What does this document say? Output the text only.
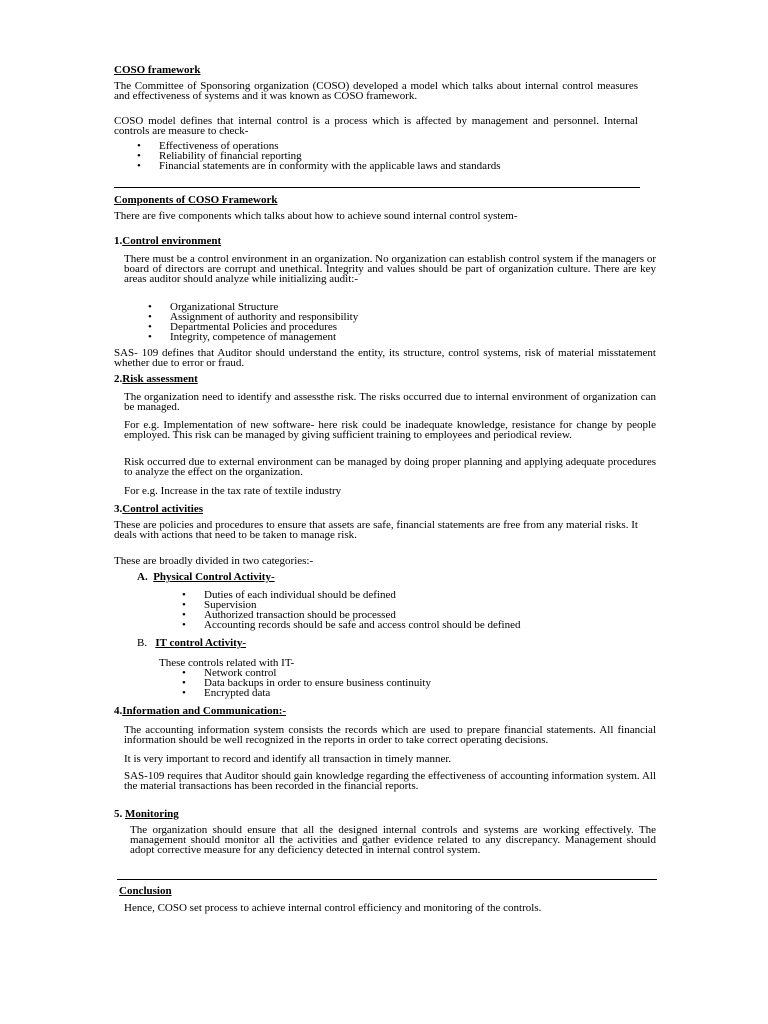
COSO framework

The Committee of Sponsoring organization (COSO) developed a model which talks about internal control measures and effectiveness of systems and it was known as COSO framework.

COSO model defines that internal control is a process which is affected by management and personnel. Internal controls are measure to check-

• Effectiveness of operations
• Reliability of financial reporting
• Financial statements are in conformity with the applicable laws and standards

Components of COSO Framework

There are five components which talks about how to achieve sound internal control system-

1.Control environment

There must be a control environment in an organization. No organization can establish control system if the managers or board of directors are corrupt and unethical. Integrity and values should be part of organization culture. There are key areas auditor should analyze while initializing audit:-

• Organizational Structure
• Assignment of authority and responsibility
• Departmental Policies and procedures
• Integrity, competence of management

SAS- 109 defines that Auditor should understand the entity, its structure, control systems, risk of material misstatement whether due to error or fraud.

2.Risk assessment

The organization need to identify and assessthe risk. The risks occurred due to internal environment of organization can be managed.

For e.g. Implementation of new software- here risk could be inadequate knowledge, resistance for change by people employed. This risk can be managed by giving sufficient training to employees and periodical review.

Risk occurred due to external environment can be managed by doing proper planning and applying adequate procedures to analyze the effect on the organization.

For e.g. Increase in the tax rate of textile industry

3.Control activities

These are policies and procedures to ensure that assets are safe, financial statements are free from any material risks. It deals with actions that need to be taken to manage risk.

These are broadly divided in two categories:-

A. Physical Control Activity-

• Duties of each individual should be defined
• Supervision
• Authorized transaction should be processed
• Accounting records should be safe and access control should be defined

B. IT control Activity-

These controls related with IT-

• Network control
• Data backups in order to ensure business continuity
• Encrypted data

4.Information and Communication:-

The accounting information system consists the records which are used to prepare financial statements. All financial information should be well recognized in the reports in order to take correct operating decisions.

It is very important to record and identify all transaction in timely manner.

SAS-109 requires that Auditor should gain knowledge regarding the effectiveness of accounting information system. All the material transactions has been recorded in the financial reports.

5. Monitoring

The organization should ensure that all the designed internal controls and systems are working effectively. The management should monitor all the activities and gather evidence related to any discrepancy. Management should adopt corrective measure for any deficiency detected in internal control system.

Conclusion

Hence, COSO set process to achieve internal control efficiency and monitoring of the controls.
